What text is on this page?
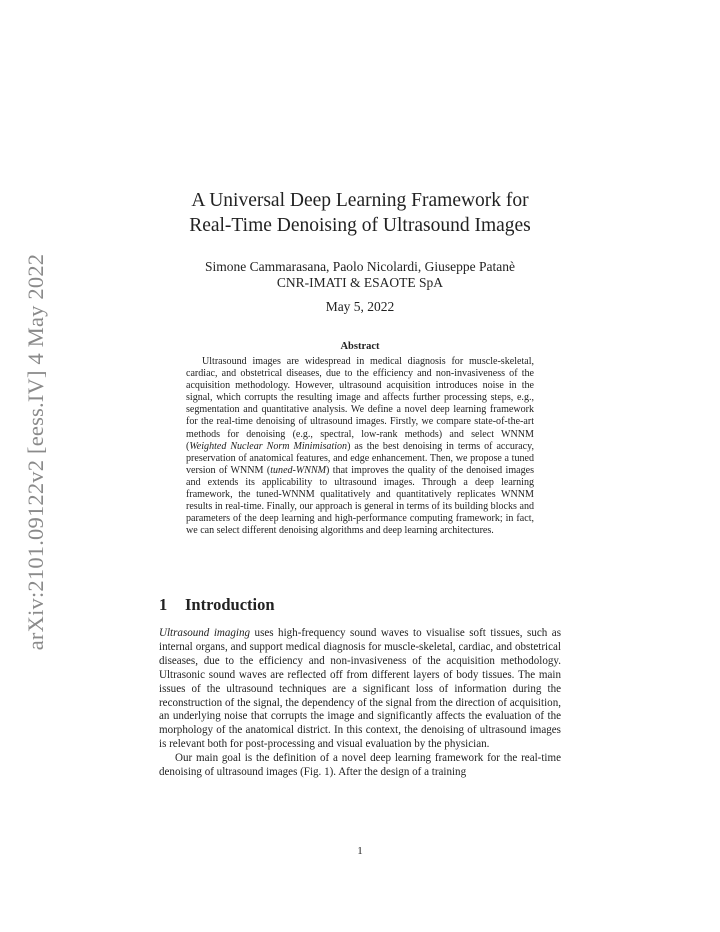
arXiv:2101.09122v2 [eess.IV] 4 May 2022
A Universal Deep Learning Framework for
Real-Time Denoising of Ultrasound Images
Simone Cammarasana, Paolo Nicolardi, Giuseppe Patanè
CNR-IMATI & ESAOTE SpA
May 5, 2022
Abstract
Ultrasound images are widespread in medical diagnosis for muscle-skeletal, cardiac, and obstetrical diseases, due to the efficiency and non-invasiveness of the acquisition methodology. However, ultrasound acquisition introduces noise in the signal, which corrupts the resulting image and affects further processing steps, e.g., segmentation and quantitative analysis. We define a novel deep learning framework for the real-time denoising of ultrasound images. Firstly, we compare state-of-the-art methods for denoising (e.g., spectral, low-rank methods) and select WNNM (Weighted Nuclear Norm Minimisation) as the best denoising in terms of accuracy, preservation of anatomical features, and edge enhancement. Then, we propose a tuned version of WNNM (tuned-WNNM) that improves the quality of the denoised images and extends its applicability to ultrasound images. Through a deep learning framework, the tuned-WNNM qualitatively and quantitatively replicates WNNM results in real-time. Finally, our approach is general in terms of its building blocks and parameters of the deep learning and high-performance computing framework; in fact, we can select different denoising algorithms and deep learning architectures.
1 Introduction

Ultrasound imaging uses high-frequency sound waves to visualise soft tissues, such as internal organs, and support medical diagnosis for muscle-skeletal, cardiac, and obstetrical diseases, due to the efficiency and non-invasiveness of the acquisition methodology. Ultrasonic sound waves are reflected off from different layers of body tissues. The main issues of the ultrasound techniques are a significant loss of information during the reconstruction of the signal, the dependency of the signal from the direction of acquisition, an underlying noise that corrupts the image and significantly affects the evaluation of the morphology of the anatomical district. In this context, the denoising of ultrasound images is relevant both for post-processing and visual evaluation by the physician.

Our main goal is the definition of a novel deep learning framework for the real-time denoising of ultrasound images (Fig. 1). After the design of a training

1
